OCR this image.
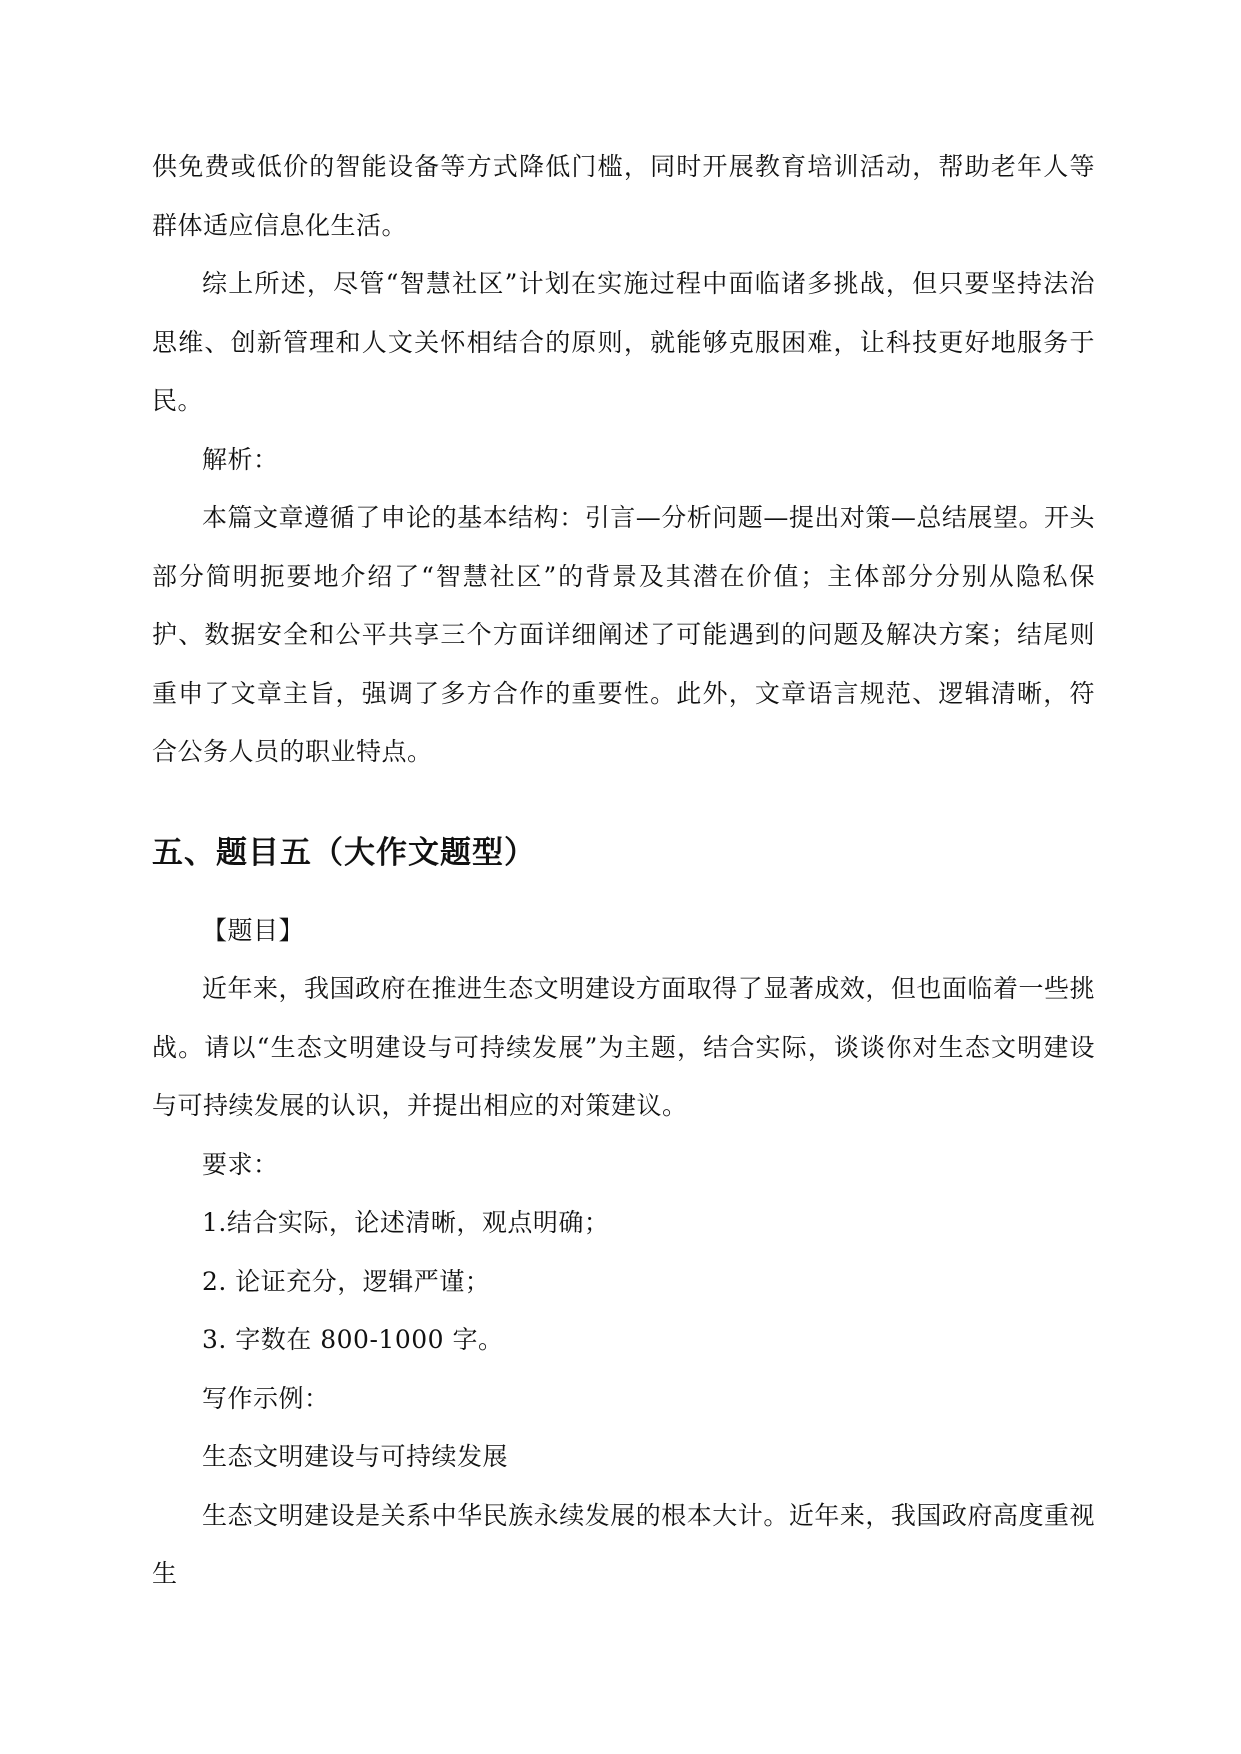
供免费或低价的智能设备等方式降低门槛，同时开展教育培训活动，帮助老年人等群体适应信息化生活。

综上所述，尽管“智慧社区”计划在实施过程中面临诸多挑战，但只要坚持法治思维、创新管理和人文关怀相结合的原则，就能够克服困难，让科技更好地服务于民。

解析：

本篇文章遵循了申论的基本结构：引言—分析问题—提出对策—总结展望。开头部分简明扼要地介绍了“智慧社区”的背景及其潜在价值；主体部分分别从隐私保护、数据安全和公平共享三个方面详细阐述了可能遇到的问题及解决方案；结尾则重申了文章主旨，强调了多方合作的重要性。此外，文章语言规范、逻辑清晰，符合公务人员的职业特点。

五、题目五（大作文题型）

【题目】

近年来，我国政府在推进生态文明建设方面取得了显著成效，但也面临着一些挑战。请以“生态文明建设与可持续发展”为主题，结合实际，谈谈你对生态文明建设与可持续发展的认识，并提出相应的对策建议。

要求：

1.结合实际，论述清晰，观点明确；

2. 论证充分，逻辑严谨；

3. 字数在 800-1000 字。

写作示例：

生态文明建设与可持续发展

生态文明建设是关系中华民族永续发展的根本大计。近年来，我国政府高度重视生
